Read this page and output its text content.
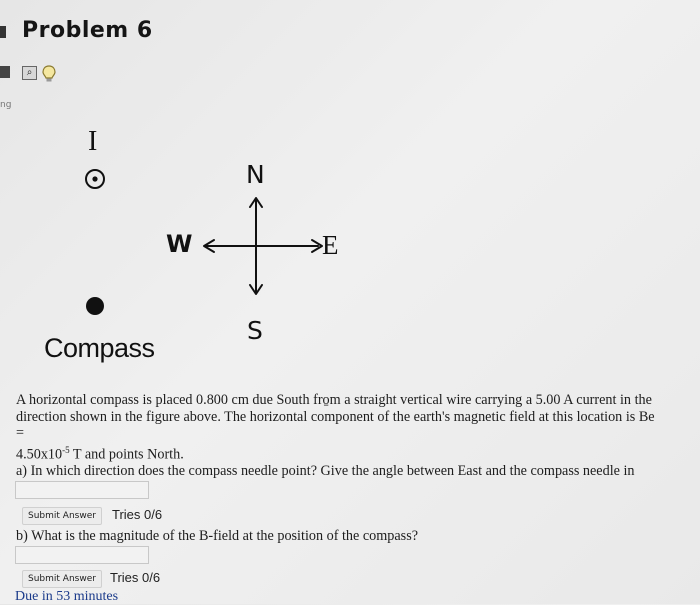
Problem 6
ng
⌕
I
Compass
N
W	E
S
A horizontal compass is placed 0.800 cm due South fro̱m a straight vertical wire carrying a 5.00 A current in the
direction shown in the figure above. The horizontal component of the earth's magnetic field at this location is Be =
$4.50x10^{-5}$ T and points North.
a) In which direction does the compass needle point? Give the angle between East and the compass needle in
Submit Answer	Tries 0/6
b) What is the magnitude of the B-field at the position of the compass?
Submit Answer	Tries 0/6
Due in 53 minutes
